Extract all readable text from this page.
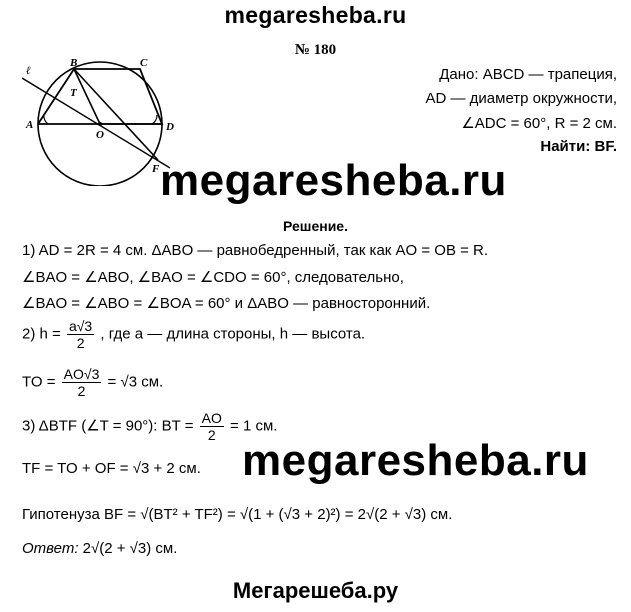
megaresheba.ru
№ 180
ℓ
B	C
T
A
O
D
F
Дано: ABCD — трапеция,
AD — диаметр окружности,
∠ADC = 60°, R = 2 см.
Найти: BF.
megaresheba.ru
Решение.
1) AD = 2R = 4 см. ΔABO — равнобедренный, так как AO = OB = R.
∠BAO = ∠ABO, ∠BAO = ∠CDO = 60°, следовательно,
∠BAO = ∠ABO = ∠BOA = 60° и ΔABO — равносторонний.
2) $h = \frac{a√3}{2}$ , где a — длина стороны, h — высота.
TO = $\frac{AO√3}{2} = √3$ см.
3) ΔBTF (∠T = 90°): BT = $\frac{AO}{2} = 1$ см.
TF = TO + OF = √3 + 2 см. megaresheba.ru
Гипотенуза BF = √(BT² + TF²) = √(1 + (√3 + 2)²) = 2√(2 + √3) см.
Ответ: 2√(2 + √3) см.
Мегарешеба.ру
